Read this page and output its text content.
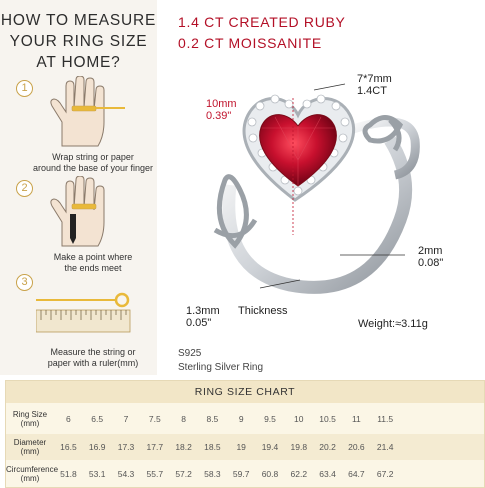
HOW TO MEASURE
YOUR RING SIZE
AT HOME?
1
Wrap string or paper
around the base of your finger
2
Make a point where
the ends meet
3
Measure the string or
paper with a ruler(mm)
1.4 CT CREATED RUBY
0.2 CT MOISSANITE
7*7mm
1.4CT
10mm
0.39"
2mm
0.08"
1.3mm
0.05"
Thickness
Weight:≈3.11g
S925
Sterling Silver Ring
RING SIZE CHART
Ring Size
(mm)	6	6.5	7	7.5	8	8.5	9	9.5	10	10.5	11	11.5
Diameter
(mm)	16.5	16.9	17.3	17.7	18.2	18.5	19	19.4	19.8	20.2	20.6	21.4
Circumference
(mm)	51.8	53.1	54.3	55.7	57.2	58.3	59.7	60.8	62.2	63.4	64.7	67.2
